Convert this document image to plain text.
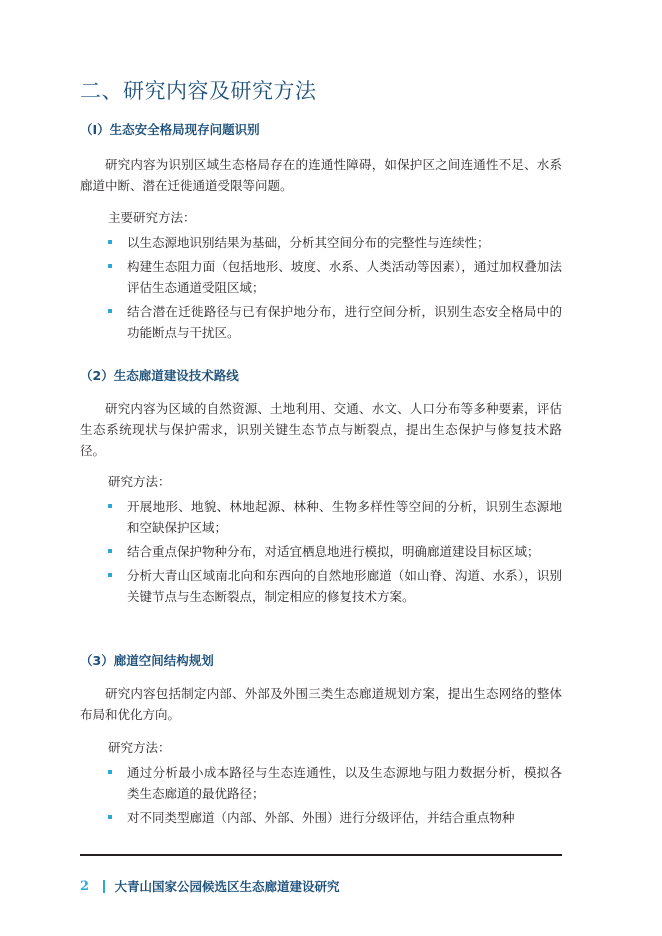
二、研究内容及研究方法
（I）生态安全格局现存问题识别

研究内容为识别区域生态格局存在的连通性障碍，如保护区之间连通性不足、水系廊道中断、潜在迁徙通道受限等问题。

主要研究方法：
以生态源地识别结果为基础，分析其空间分布的完整性与连续性；
构建生态阻力面（包括地形、坡度、水系、人类活动等因素），通过加权叠加法评估生态通道受阻区域；
结合潜在迁徙路径与已有保护地分布，进行空间分析，识别生态安全格局中的功能断点与干扰区。
（2）生态廊道建设技术路线

研究内容为区域的自然资源、土地利用、交通、水文、人口分布等多种要素，评估生态系统现状与保护需求，识别关键生态节点与断裂点，提出生态保护与修复技术路径。

研究方法：
开展地形、地貌、林地起源、林种、生物多样性等空间的分析，识别生态源地和空缺保护区域；
结合重点保护物种分布，对适宜栖息地进行模拟，明确廊道建设目标区域；
分析大青山区域南北向和东西向的自然地形廊道（如山脊、沟道、水系），识别关键节点与生态断裂点，制定相应的修复技术方案。
（3）廊道空间结构规划

研究内容包括制定内部、外部及外围三类生态廊道规划方案，提出生态网络的整体布局和优化方向。

研究方法：
通过分析最小成本路径与生态连通性，以及生态源地与阻力数据分析，模拟各类生态廊道的最优路径；
对不同类型廊道（内部、外部、外围）进行分级评估，并结合重点物种
2 大青山国家公园候选区生态廊道建设研究
